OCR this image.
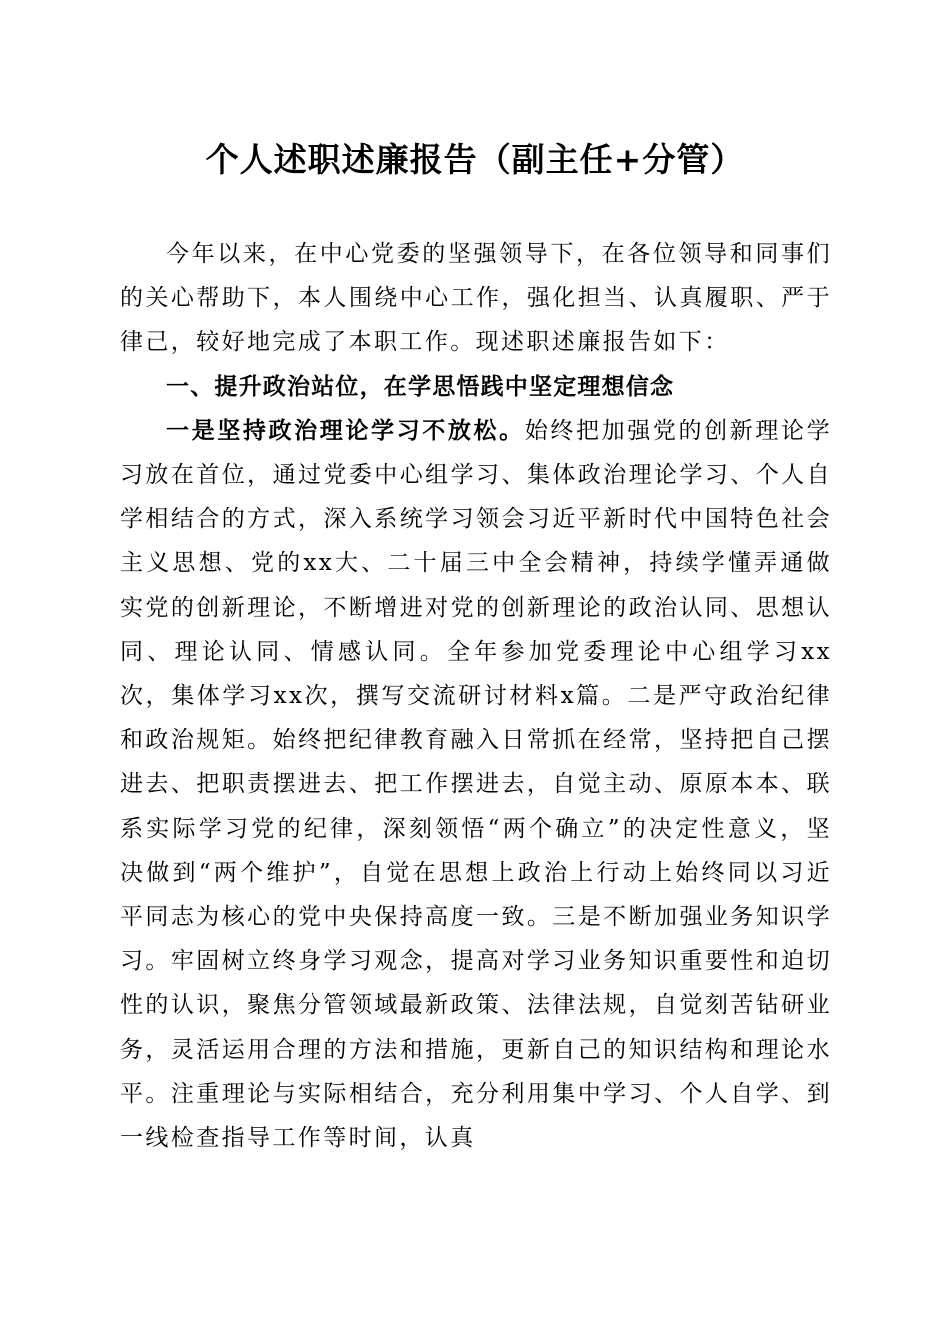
个人述职述廉报告（副主任+分管）

今年以来，在中心党委的坚强领导下，在各位领导和同事们的关心帮助下，本人围绕中心工作，强化担当、认真履职、严于律己，较好地完成了本职工作。现述职述廉报告如下：

一、提升政治站位，在学思悟践中坚定理想信念

一是坚持政治理论学习不放松。始终把加强党的创新理论学习放在首位，通过党委中心组学习、集体政治理论学习、个人自学相结合的方式，深入系统学习领会习近平新时代中国特色社会主义思想、党的xx大、二十届三中全会精神，持续学懂弄通做实党的创新理论，不断增进对党的创新理论的政治认同、思想认同、理论认同、情感认同。全年参加党委理论中心组学习xx次，集体学习xx次，撰写交流研讨材料x篇。二是严守政治纪律和政治规矩。始终把纪律教育融入日常抓在经常，坚持把自己摆进去、把职责摆进去、把工作摆进去，自觉主动、原原本本、联系实际学习党的纪律，深刻领悟“两个确立”的决定性意义，坚决做到“两个维护”，自觉在思想上政治上行动上始终同以习近平同志为核心的党中央保持高度一致。三是不断加强业务知识学习。牢固树立终身学习观念，提高对学习业务知识重要性和迫切性的认识，聚焦分管领域最新政策、法律法规，自觉刻苦钻研业务，灵活运用合理的方法和措施，更新自己的知识结构和理论水平。注重理论与实际相结合，充分利用集中学习、个人自学、到一线检查指导工作等时间，认真
